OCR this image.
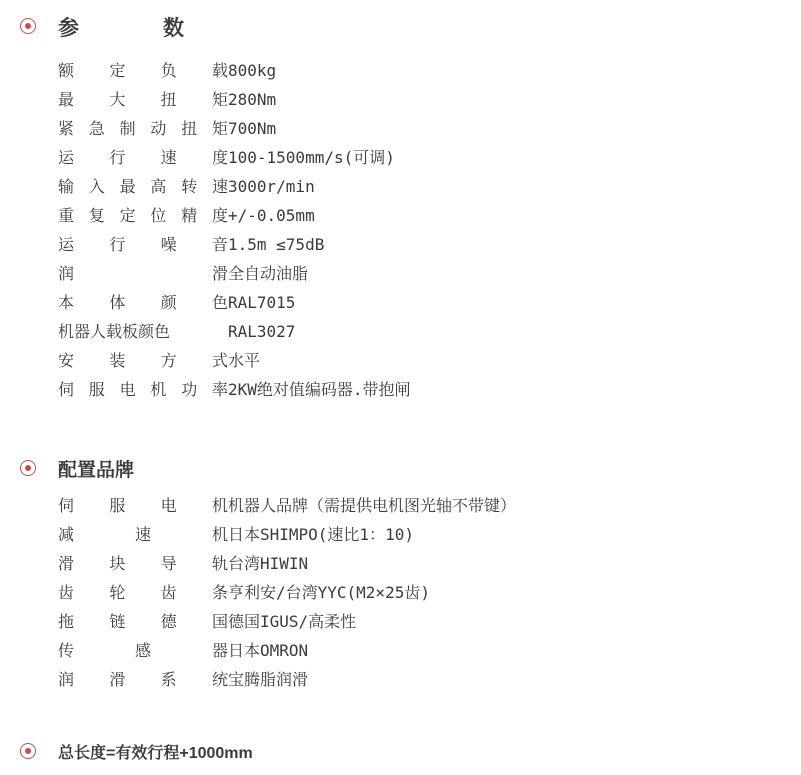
参　　数
额 定 负 载 800kg
最 大 扭 矩 280Nm
紧 急 制 动 扭 矩 700Nm
运 行 速 度 100-1500mm/s(可调)
输 入 最 高 转 速 3000r/min
重 复 定 位 精 度 +/-0.05mm
运 行 噪 音 1.5m ≤75dB
润	滑 全自动油脂
本 体 颜 色 RAL7015
机器人载板颜色	RAL3027
安 装 方 式 水平
伺 服 电 机 功 率 2KW绝对值编码器.带抱闸
配置品牌
伺 服 电 机 机器人品牌（需提供电机图光轴不带键）
减	速	机 日本SHIMPO(速比1：10)
滑 块 导 轨 台湾HIWIN
齿 轮 齿 条 亨利安/台湾YYC(M2×25齿)
拖 链 德 国 德国IGUS/高柔性
传	感	器 日本OMRON
润 滑 系 统 宝腾脂润滑
总长度=有效行程+1000mm
